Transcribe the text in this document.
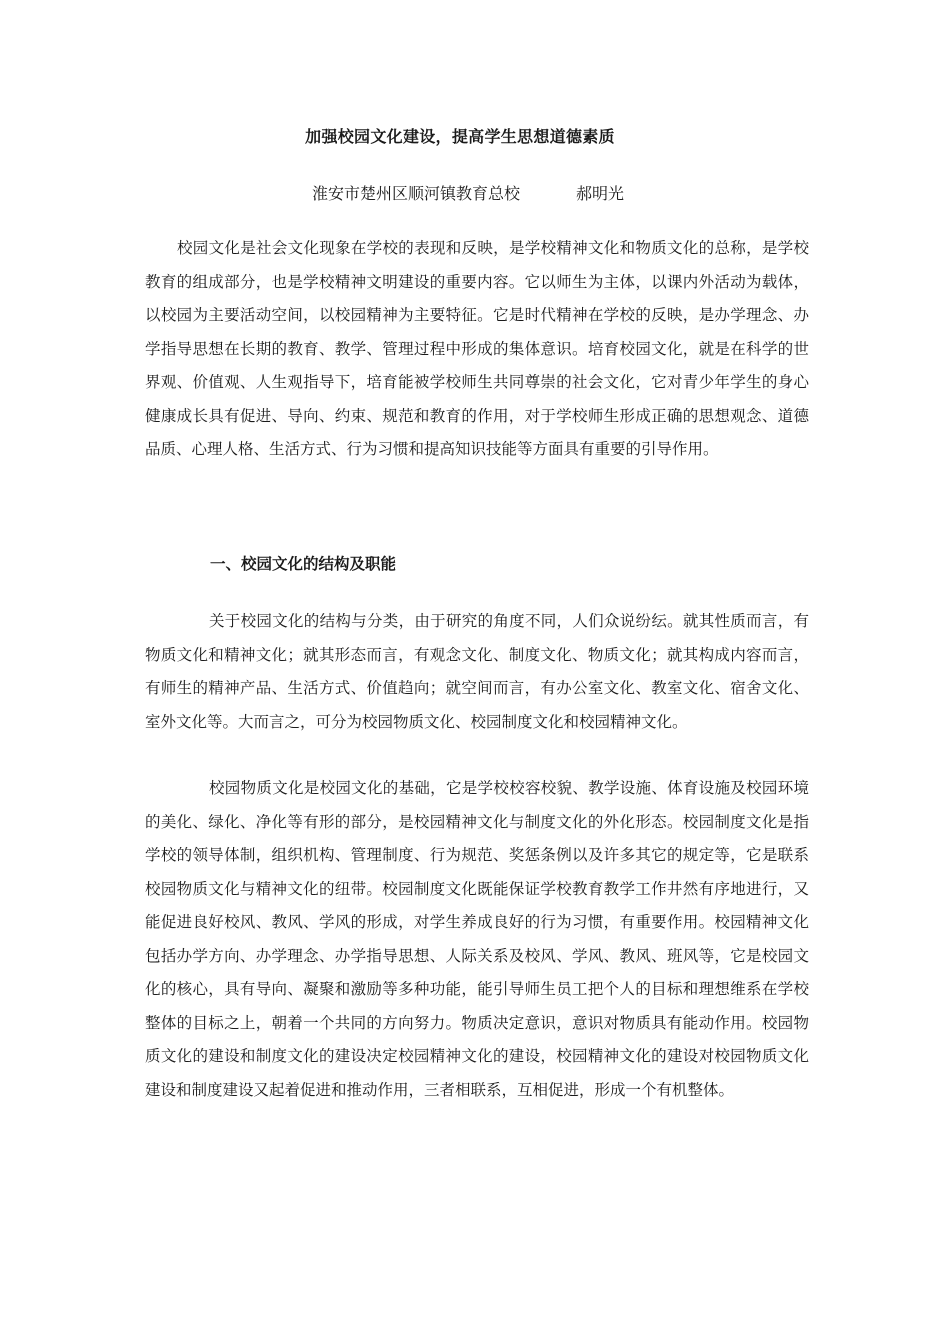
加强校园文化建设，提高学生思想道德素质
淮安市楚州区顺河镇教育总校	郝明光

校园文化是社会文化现象在学校的表现和反映，是学校精神文化和物质文化的总称，是学校教育的组成部分，也是学校精神文明建设的重要内容。它以师生为主体，以课内外活动为载体，以校园为主要活动空间，以校园精神为主要特征。它是时代精神在学校的反映，是办学理念、办学指导思想在长期的教育、教学、管理过程中形成的集体意识。培育校园文化，就是在科学的世界观、价值观、人生观指导下，培育能被学校师生共同尊崇的社会文化，它对青少年学生的身心健康成长具有促进、导向、约束、规范和教育的作用，对于学校师生形成正确的思想观念、道德品质、心理人格、生活方式、行为习惯和提高知识技能等方面具有重要的引导作用。

一、校园文化的结构及职能

关于校园文化的结构与分类，由于研究的角度不同，人们众说纷纭。就其性质而言，有物质文化和精神文化；就其形态而言，有观念文化、制度文化、物质文化；就其构成内容而言，有师生的精神产品、生活方式、价值趋向；就空间而言，有办公室文化、教室文化、宿舍文化、室外文化等。大而言之，可分为校园物质文化、校园制度文化和校园精神文化。

校园物质文化是校园文化的基础，它是学校校容校貌、教学设施、体育设施及校园环境的美化、绿化、净化等有形的部分，是校园精神文化与制度文化的外化形态。校园制度文化是指学校的领导体制，组织机构、管理制度、行为规范、奖惩条例以及许多其它的规定等，它是联系校园物质文化与精神文化的纽带。校园制度文化既能保证学校教育教学工作井然有序地进行，又能促进良好校风、教风、学风的形成，对学生养成良好的行为习惯，有重要作用。校园精神文化包括办学方向、办学理念、办学指导思想、人际关系及校风、学风、教风、班风等，它是校园文化的核心，具有导向、凝聚和激励等多种功能，能引导师生员工把个人的目标和理想维系在学校整体的目标之上，朝着一个共同的方向努力。物质决定意识，意识对物质具有能动作用。校园物质文化的建设和制度文化的建设决定校园精神文化的建设，校园精神文化的建设对校园物质文化建设和制度建设又起着促进和推动作用，三者相联系，互相促进，形成一个有机整体。
